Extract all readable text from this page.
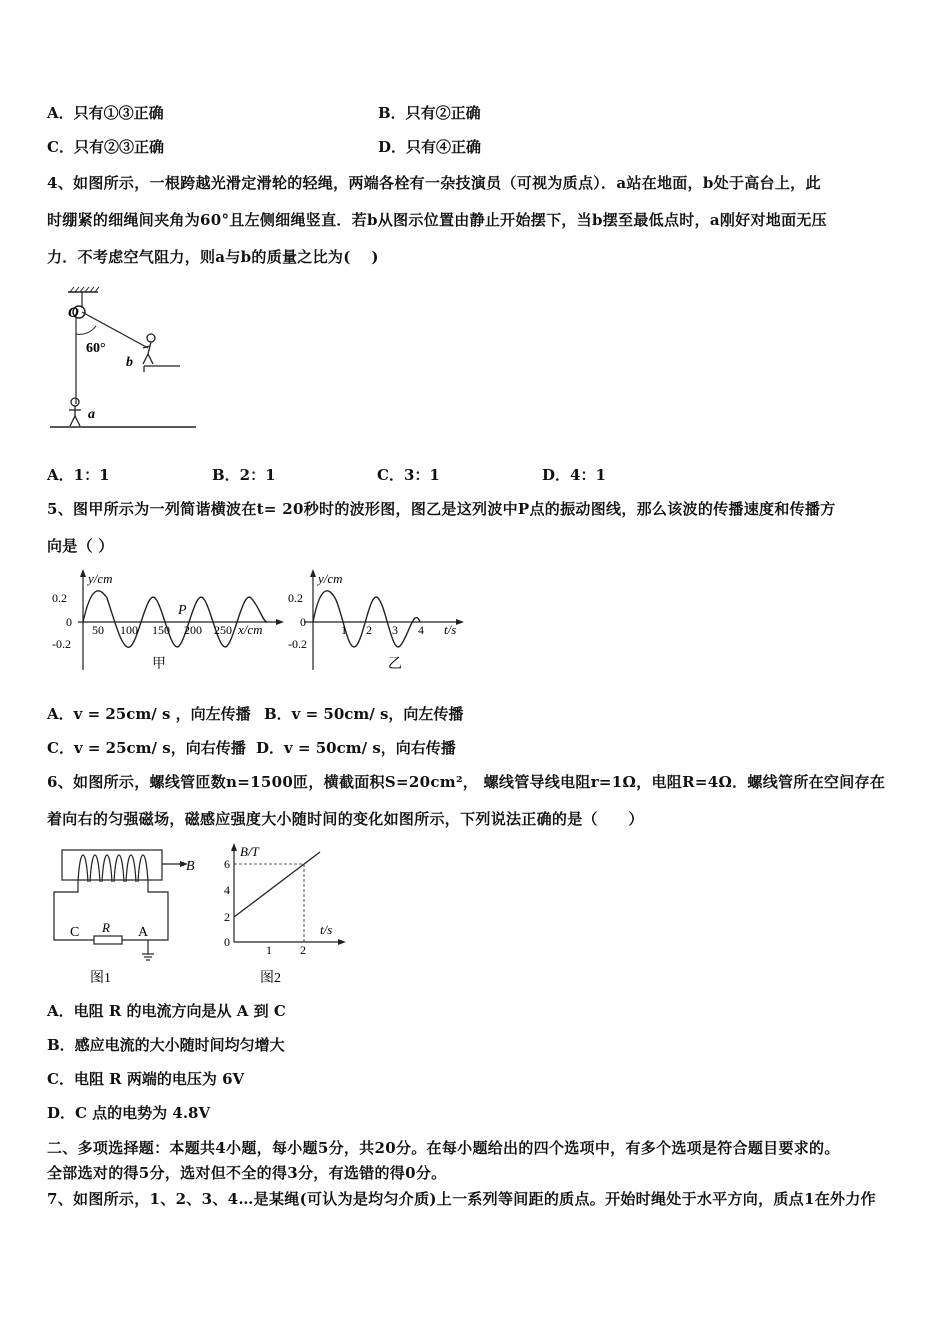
A．只有①③正确	B．只有②正确
C．只有②③正确	D．只有④正确
4、如图所示，一根跨越光滑定滑轮的轻绳，两端各栓有一杂技演员（可视为质点）．a站在地面，b处于高台上，此
时绷紧的细绳间夹角为60°且左侧细绳竖直．若b从图示位置由静止开始摆下，当b摆至最低点时，a刚好对地面无压
力．不考虑空气阻力，则a与b的质量之比为(　 )
O
60°
b
a
A．1：1	B．2：1	C．3：1	D．4：1
5、图甲所示为一列简谐横波在t= 20秒时的波形图，图乙是这列波中P点的振动图线，那么该波的传播速度和传播方
向是（ ）
y/cm
0.2
0
-0.2
50 100 150 200 250
P
x/cm
甲
y/cm
0.2
0
-0.2
1 2 3 4 t/s
乙
A．v = 25cm/ s ，向左传播 B．v = 50cm/ s，向左传播
C．v = 25cm/ s，向右传播 D．v = 50cm/ s，向右传播
6、如图所示，螺线管匝数n=1500匝，横截面积S=20cm²， 螺线管导线电阻r=1Ω，电阻R=4Ω．螺线管所在空间存在
着向右的匀强磁场，磁感应强度大小随时间的变化如图所示，下列说法正确的是（　　）
B
R
C	A
图1
B/T
6
4
2
0
1 2
t/s
图2
A．电阻 R 的电流方向是从 A 到 C
B．感应电流的大小随时间均匀增大
C．电阻 R 两端的电压为 6V
D．C 点的电势为 4.8V
二、多项选择题：本题共4小题，每小题5分，共20分。在每小题给出的四个选项中，有多个选项是符合题目要求的。
全部选对的得5分，选对但不全的得3分，有选错的得0分。
7、如图所示，1、2、3、4…是某绳(可认为是均匀介质)上一系列等间距的质点。开始时绳处于水平方向，质点1在外力作
